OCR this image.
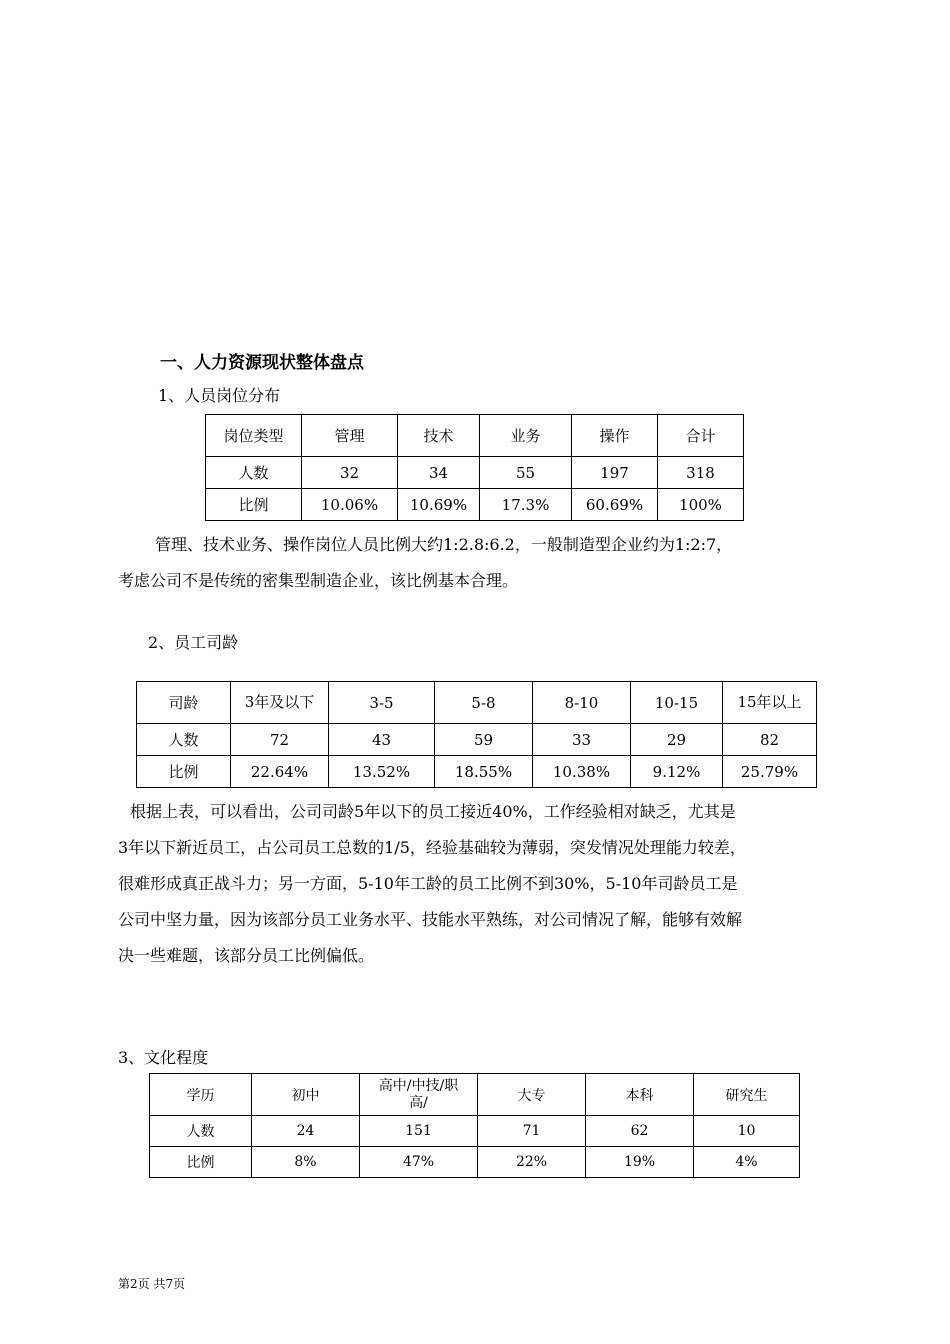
一、人力资源现状整体盘点
1、人员岗位分布
岗位类型	管理	技术	业务	操作	合计
人数	32	34	55	197	318
比例	10.06%	10.69%	17.3%	60.69%	100%
管理、技术业务、操作岗位人员比例大约1:2.8:6.2，一般制造型企业约为1:2:7，
考虑公司不是传统的密集型制造企业，该比例基本合理。
2、员工司龄
司龄	3年及以下	3-5	5-8	8-10	10-15	15年以上
人数	72	43	59	33	29	82
比例	22.64%	13.52%	18.55%	10.38%	9.12%	25.79%
根据上表，可以看出，公司司龄5年以下的员工接近40%，工作经验相对缺乏，尤其是
3年以下新近员工，占公司员工总数的1/5，经验基础较为薄弱，突发情况处理能力较差，
很难形成真正战斗力；另一方面，5-10年工龄的员工比例不到30%，5-10年司龄员工是
公司中坚力量，因为该部分员工业务水平、技能水平熟练，对公司情况了解，能够有效解
决一些难题，该部分员工比例偏低。
3、文化程度
学历	初中	高中/中技/职高/	大专	本科	研究生
人数	24	151	71	62	10
比例	8%	47%	22%	19%	4%
第2页 共7页
